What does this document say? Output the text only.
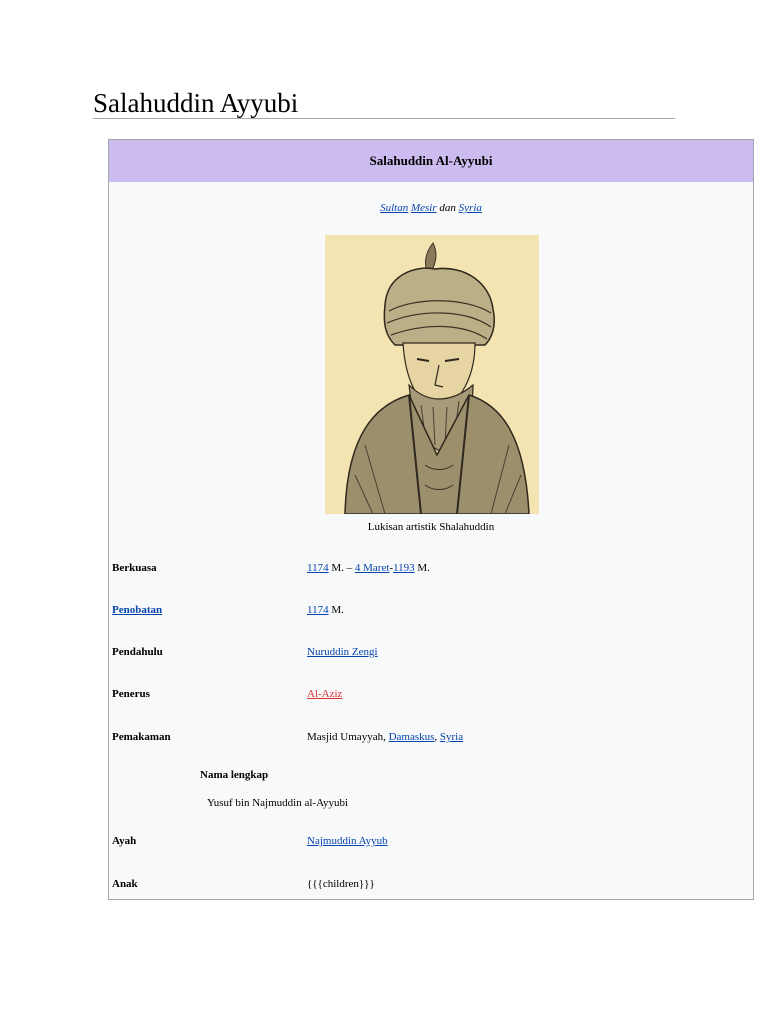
Salahuddin Ayyubi
Salahuddin Al-Ayyubi
Sultan Mesir dan Syria
Lukisan artistik Shalahuddin
Berkuasa	1174 M. – 4 Maret-1193 M.
Penobatan	1174 M.
Pendahulu	Nuruddin Zengi
Penerus	Al-Aziz
Pemakaman	Masjid Umayyah, Damaskus, Syria
Nama lengkap
Yusuf bin Najmuddin al-Ayyubi
Ayah	Najmuddin Ayyub
Anak	{{{children}}}
